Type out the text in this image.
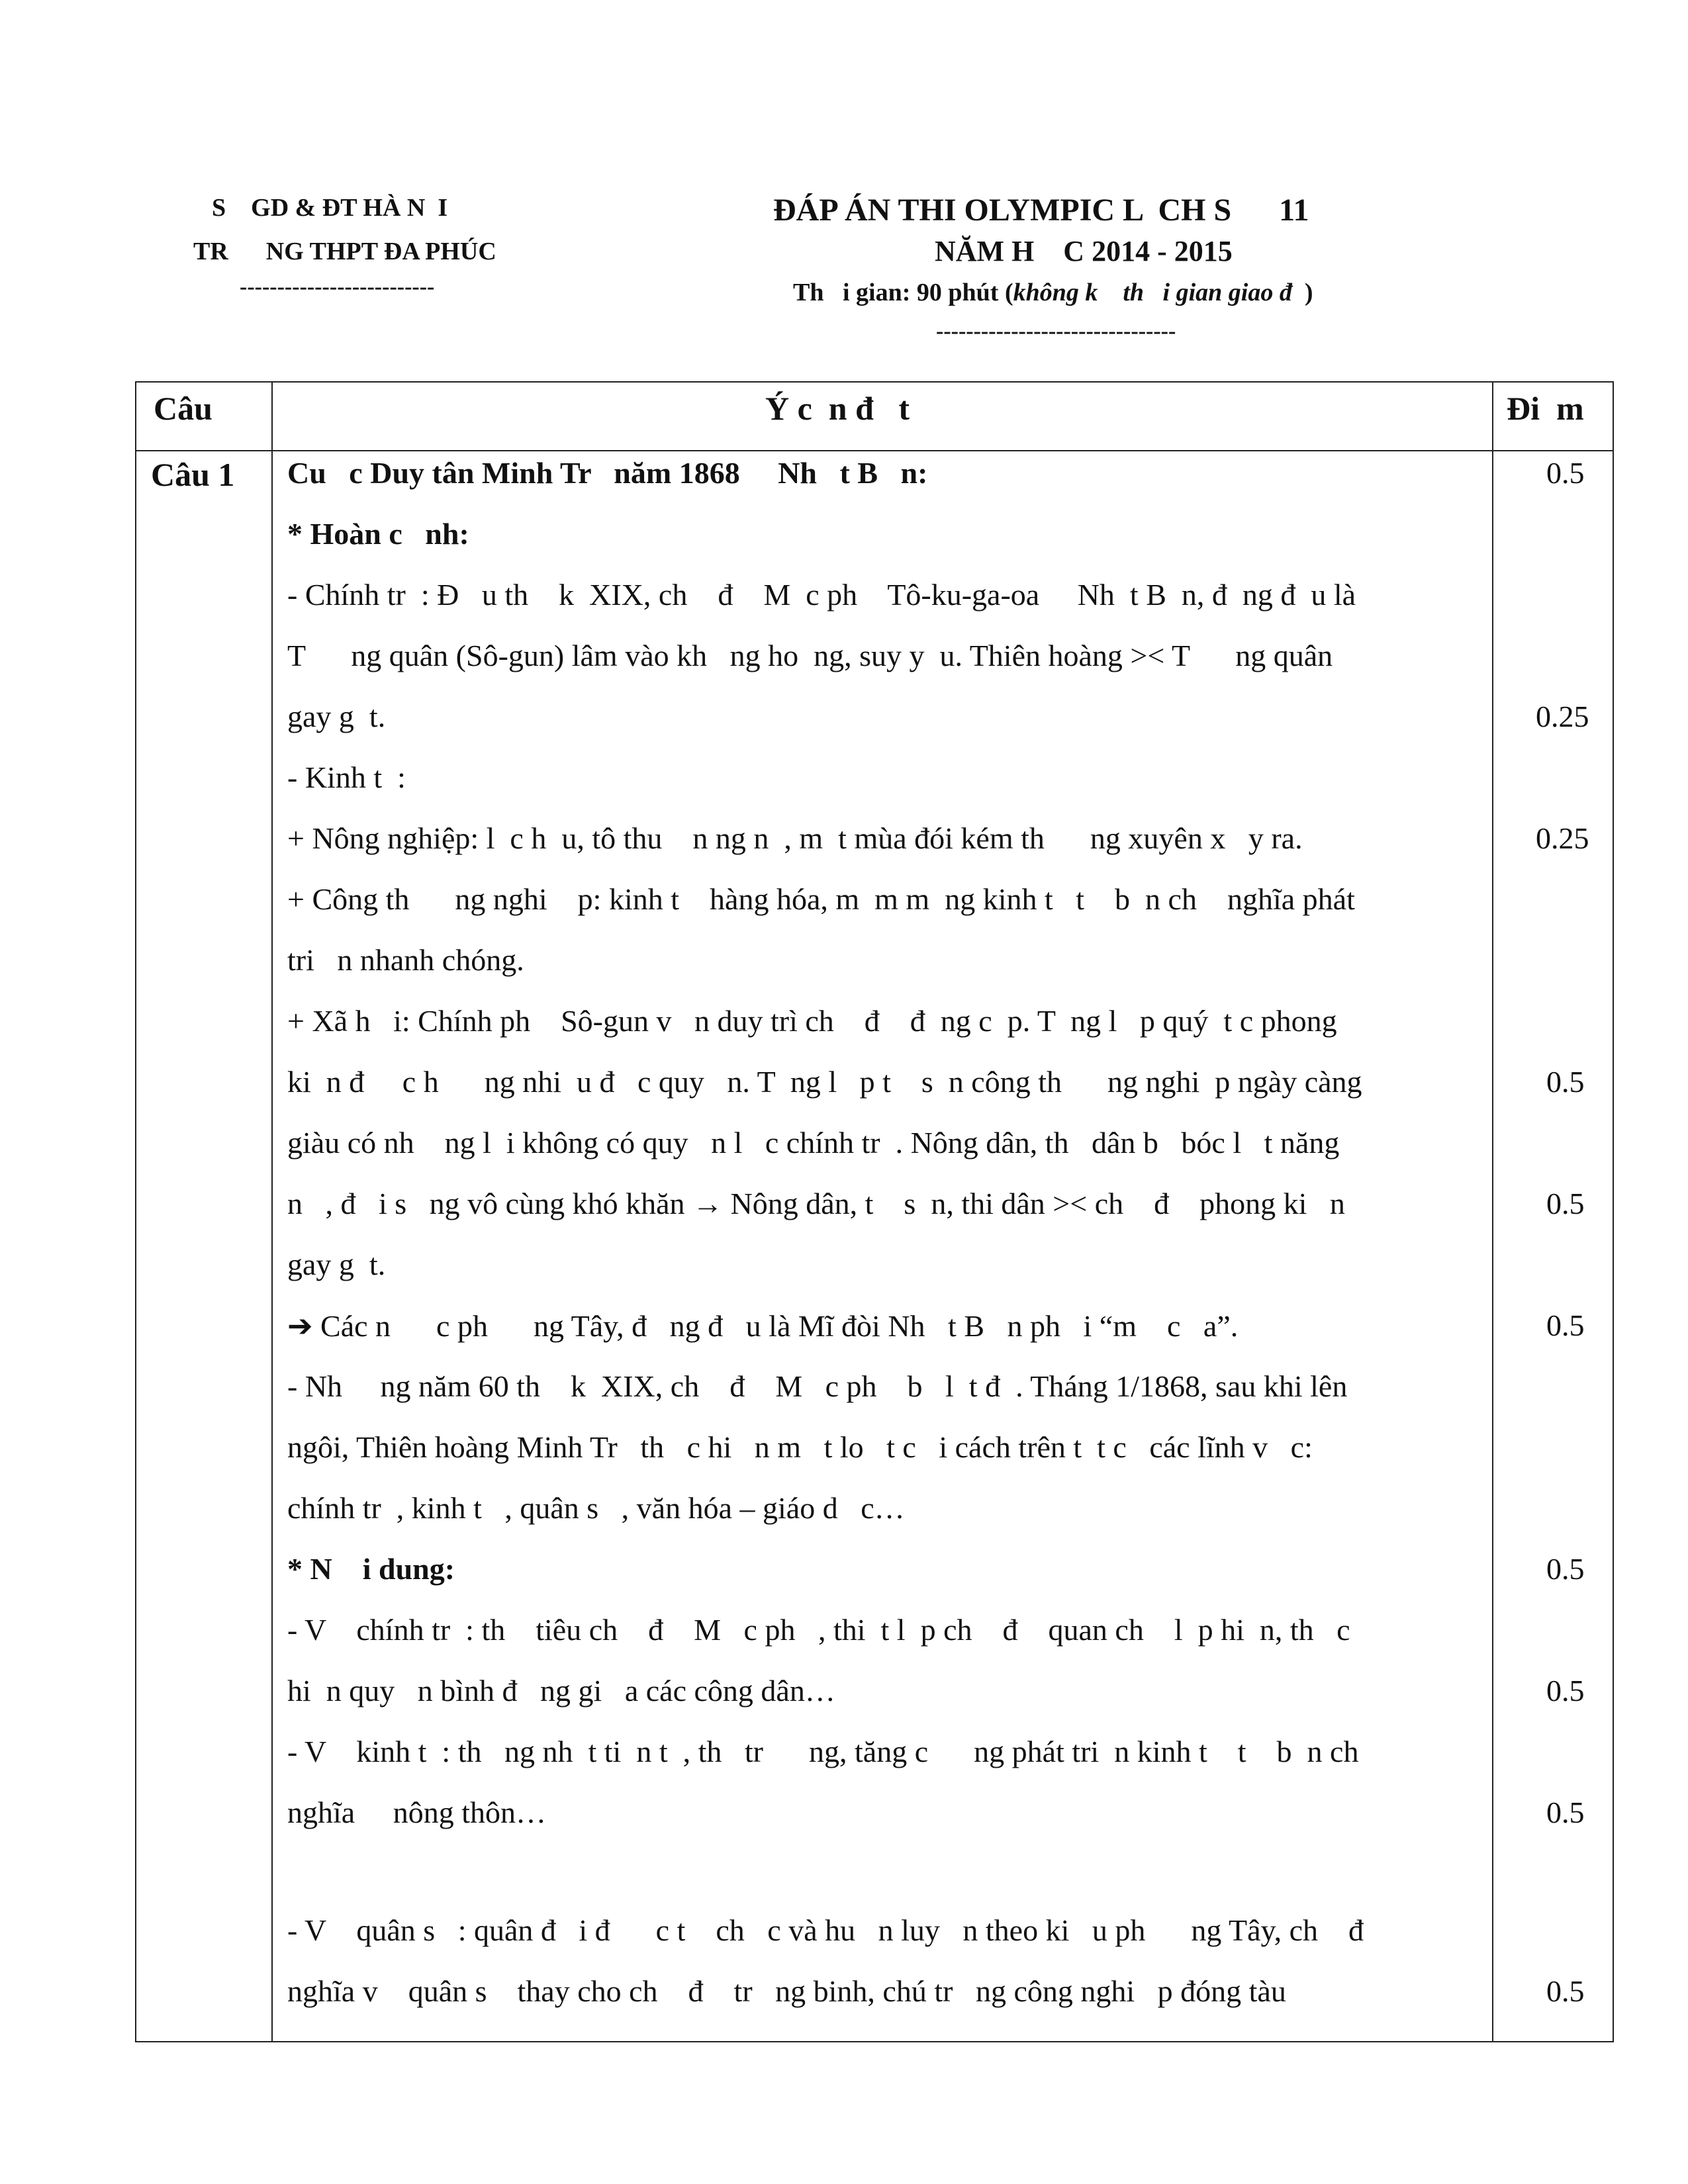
S    GD & ĐT HÀ N  I
TR      NG THPT ĐA PHÚC
--------------------------
ĐÁP ÁN THI OLYMPIC L  CH S      11
NĂM H    C 2014 - 2015
Th   i gian: 90 phút (không k    th   i gian giao đ  )
--------------------------------
Câu	Ý c  n đ   t	Đi  m
Câu 1 Cu   c Duy tân Minh Tr   năm 1868     Nh   t B   n:
* Hoàn c   nh:
- Chính tr  : Đ   u th    k  XIX, ch    đ    M  c ph    Tô-ku-ga-oa     Nh  t B  n, đ  ng đ  u là
T      ng quân (Sô-gun) lâm vào kh   ng ho  ng, suy y  u. Thiên hoàng >< T      ng quân
gay g  t.
- Kinh t  :
+ Nông nghiệp: l  c h  u, tô thu    n ng n  , m  t mùa đói kém th      ng xuyên x   y ra.
+ Công th      ng nghi    p: kinh t    hàng hóa, m  m m  ng kinh t   t    b  n ch    nghĩa phát
tri   n nhanh chóng.
+ Xã h   i: Chính ph    Sô-gun v   n duy trì ch    đ    đ  ng c  p. T  ng l   p quý  t c phong
ki  n đ     c h      ng nhi  u đ   c quy   n. T  ng l   p t    s  n công th      ng nghi  p ngày càng
giàu có nh    ng l  i không có quy   n l   c chính tr  . Nông dân, th   dân b   bóc l   t năng
n   , đ   i s   ng vô cùng khó khăn → Nông dân, t    s  n, thi dân >< ch    đ    phong ki   n
gay g  t.
➔ Các n      c ph      ng Tây, đ   ng đ   u là Mĩ đòi Nh   t B   n ph   i “m    c   a”.
- Nh     ng năm 60 th    k  XIX, ch    đ    M   c ph    b   l  t đ  . Tháng 1/1868, sau khi lên
ngôi, Thiên hoàng Minh Tr   th   c hi   n m   t lo   t c   i cách trên t  t c   các lĩnh v   c:
chính tr  , kinh t   , quân s   , văn hóa – giáo d   c…
* N    i dung:
- V    chính tr  : th    tiêu ch    đ    M   c ph   , thi  t l  p ch    đ    quan ch    l  p hi  n, th   c
hi  n quy   n bình đ   ng gi   a các công dân…
- V    kinh t  : th   ng nh  t ti  n t  , th   tr      ng, tăng c      ng phát tri  n kinh t    t    b  n ch
nghĩa     nông thôn…
- V    quân s   : quân đ   i đ      c t    ch   c và hu   n luy   n theo ki   u ph      ng Tây, ch    đ
nghĩa v    quân s    thay cho ch    đ    tr   ng binh, chú tr   ng công nghi   p đóng tàu
0.5
0.25
0.25
0.5
0.5
0.5
0.5
0.5
0.5
0.5
